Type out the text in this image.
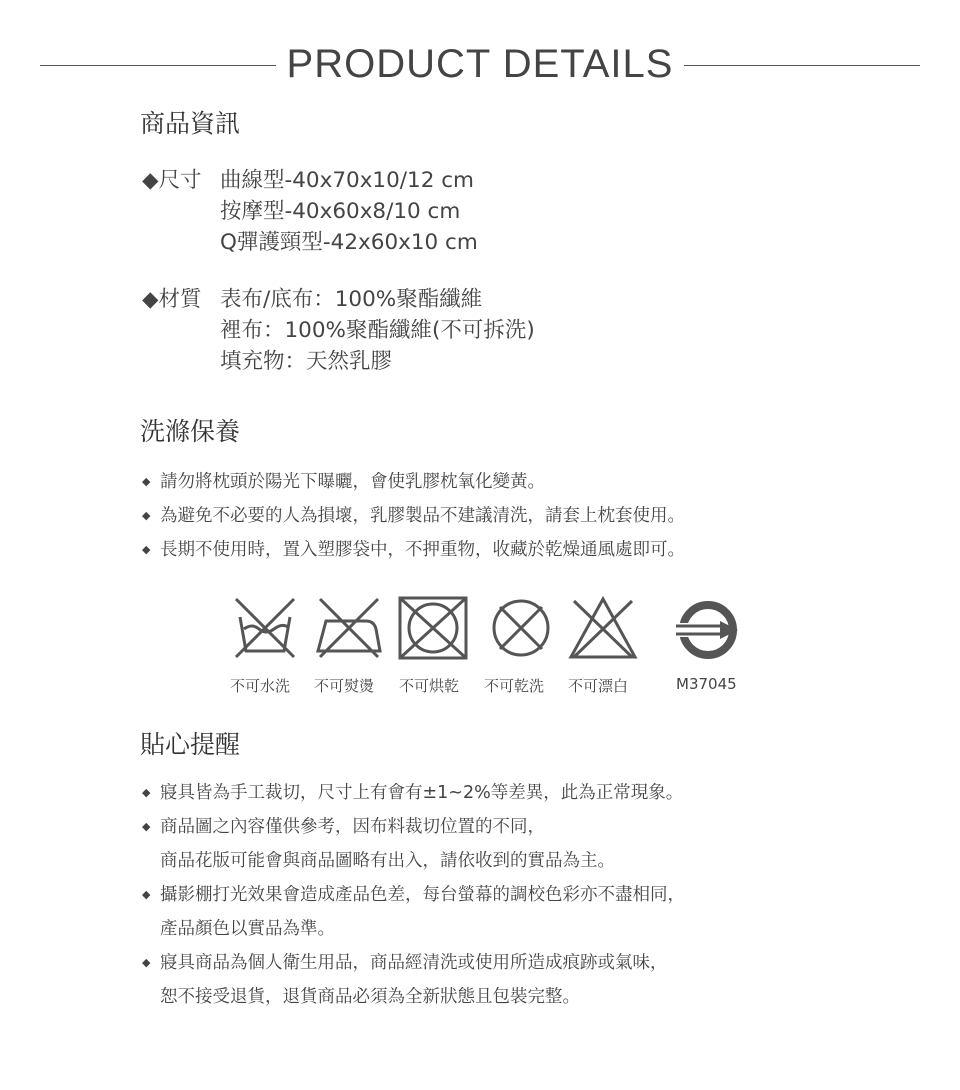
PRODUCT DETAILS
商品資訊
◆尺寸 曲線型-40x70x10/12 cm
按摩型-40x60x8/10 cm
Q彈護頸型-42x60x10 cm
◆材質 表布/底布：100%聚酯纖維
裡布：100%聚酯纖維(不可拆洗)
填充物：天然乳膠
洗滌保養
◆ 請勿將枕頭於陽光下曝曬，會使乳膠枕氧化變黃。
◆ 為避免不必要的人為損壞，乳膠製品不建議清洗，請套上枕套使用。
◆ 長期不使用時，置入塑膠袋中，不押重物，收藏於乾燥通風處即可。
不可水洗 不可熨燙 不可烘乾 不可乾洗 不可漂白	M37045
貼心提醒
◆ 寢具皆為手工裁切，尺寸上有會有±1~2%等差異，此為正常現象。
◆ 商品圖之內容僅供參考，因布料裁切位置的不同，
商品花版可能會與商品圖略有出入，請依收到的實品為主。
◆ 攝影棚打光效果會造成產品色差，每台螢幕的調校色彩亦不盡相同，
產品顏色以實品為準。
◆ 寢具商品為個人衛生用品，商品經清洗或使用所造成痕跡或氣味，
恕不接受退貨，退貨商品必須為全新狀態且包裝完整。
